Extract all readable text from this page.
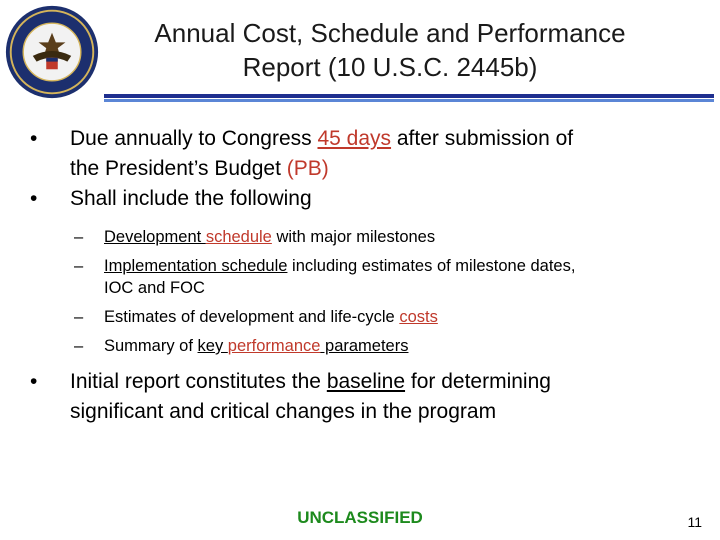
Annual Cost, Schedule and Performance
Report (10 U.S.C. 2445b)

• Due annually to Congress 45 days after submission of
the President’s Budget (PB)

• Shall include the following

– Development schedule with major milestones

– Implementation schedule including estimates of milestone dates,
IOC and FOC

– Estimates of development and life-cycle costs

– Summary of key performance parameters

• Initial report constitutes the baseline for determining
significant and critical changes in the program

UNCLASSIFIED	11
